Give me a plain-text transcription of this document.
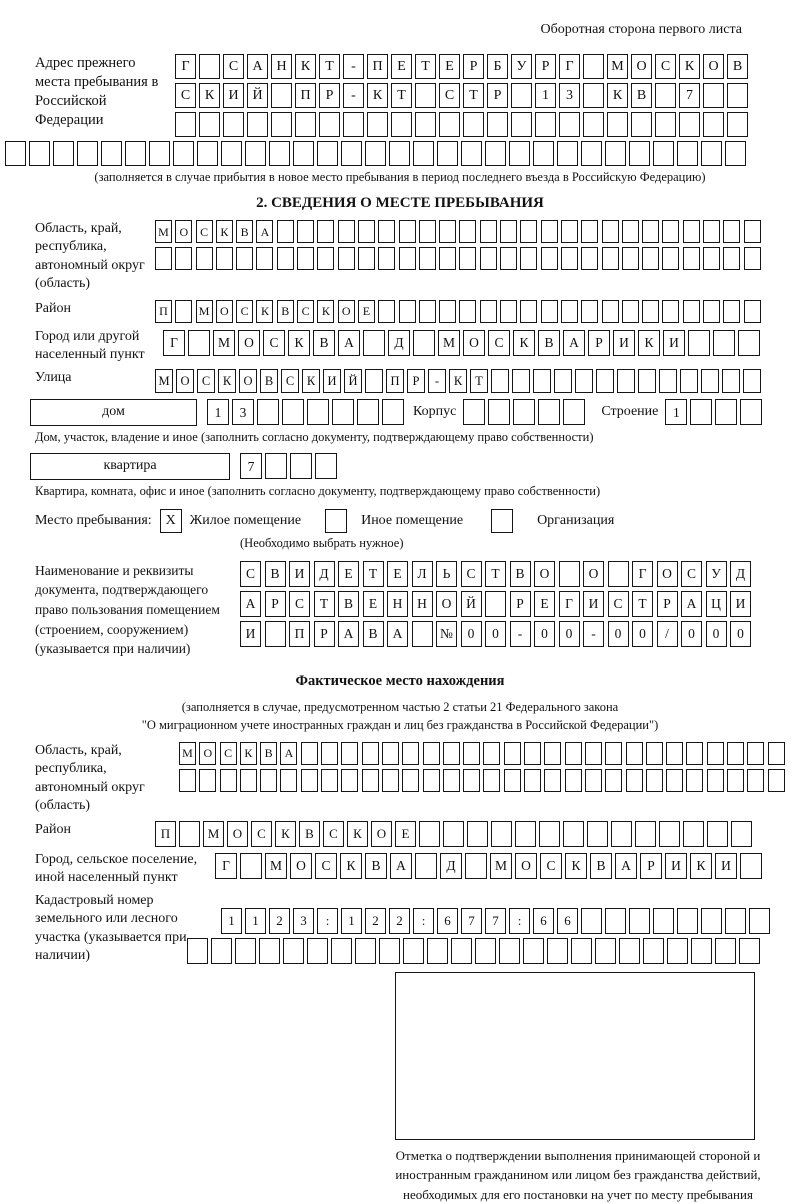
Оборотная сторона первого листа
Адрес прежнего места пребывания в Российской Федерации
Г	С	А Н	К	Т	-	П	Е	Т	Е	Р	Б	У	Р	Г	М О	С	К	О	В
С	К	И Й	П	Р	-	К	Т	С	Т	Р	1	3	К	В	7
(заполняется в случае прибытия в новое место пребывания в период последнего въезда в Российскую Федерацию)
2. СВЕДЕНИЯ О МЕСТЕ ПРЕБЫВАНИЯ
Область, край, республика, автономный округ (область)
М О С	К	В А
Район	П	М О С	К	В	С	К О	Е
Город или другой населенный пункт
Г	М	О	С	К	В	А	Д	М	О	С	К	В	А	Р	И	К	И
Улица	М О С	К О В	С	К И Й	П	Р	-	К	Т
дом	1	3	Корпус	Строение	1
Дом, участок, владение и иное (заполнить согласно документу, подтверждающему право собственности)
квартира	7
Квартира, комната, офис и иное (заполнить согласно документу, подтверждающему право собственности)
Место пребывания: X Жилое помещение	Иное помещение	Организация
(Необходимо выбрать нужное)
Наименование и реквизиты документа, подтверждающего право пользования помещением (строением, сооружением) (указывается при наличии)
С	В	И	Д	Е	Т	Е	Л	Ь	С	Т	В	О	О	Г	О	С	У	Д
А	Р	С	Т	В	Е	Н	Н	О	Й	Р	Е	Г	И	С	Т	Р	А	Ц	И
И	П	Р	А	В	А	№	0	0	-	0	0	-	0	0	/	0	0	0
Фактическое место нахождения
(заполняется в случае, предусмотренном частью 2 статьи 21 Федерального закона
"О миграционном учете иностранных граждан и лиц без гражданства в Российской Федерации")
Область, край, республика, автономный округ (область)
М О С	К	В А
Район	П	М	О	С	К	В	С	К	О	Е
Город, сельское поселение, иной населенный пункт
Г	М	О	С	К	В	А	Д	М	О	С	К	В	А	Р	И	К	И
Кадастровый номер земельного или лесного участка (указывается при наличии)
1	1	2	3	:	1	2	2	:	6	7	7	:	6	6
Отметка о подтверждении выполнения принимающей стороной и иностранным гражданином или лицом без гражданства действий, необходимых для его постановки на учет по месту пребывания
